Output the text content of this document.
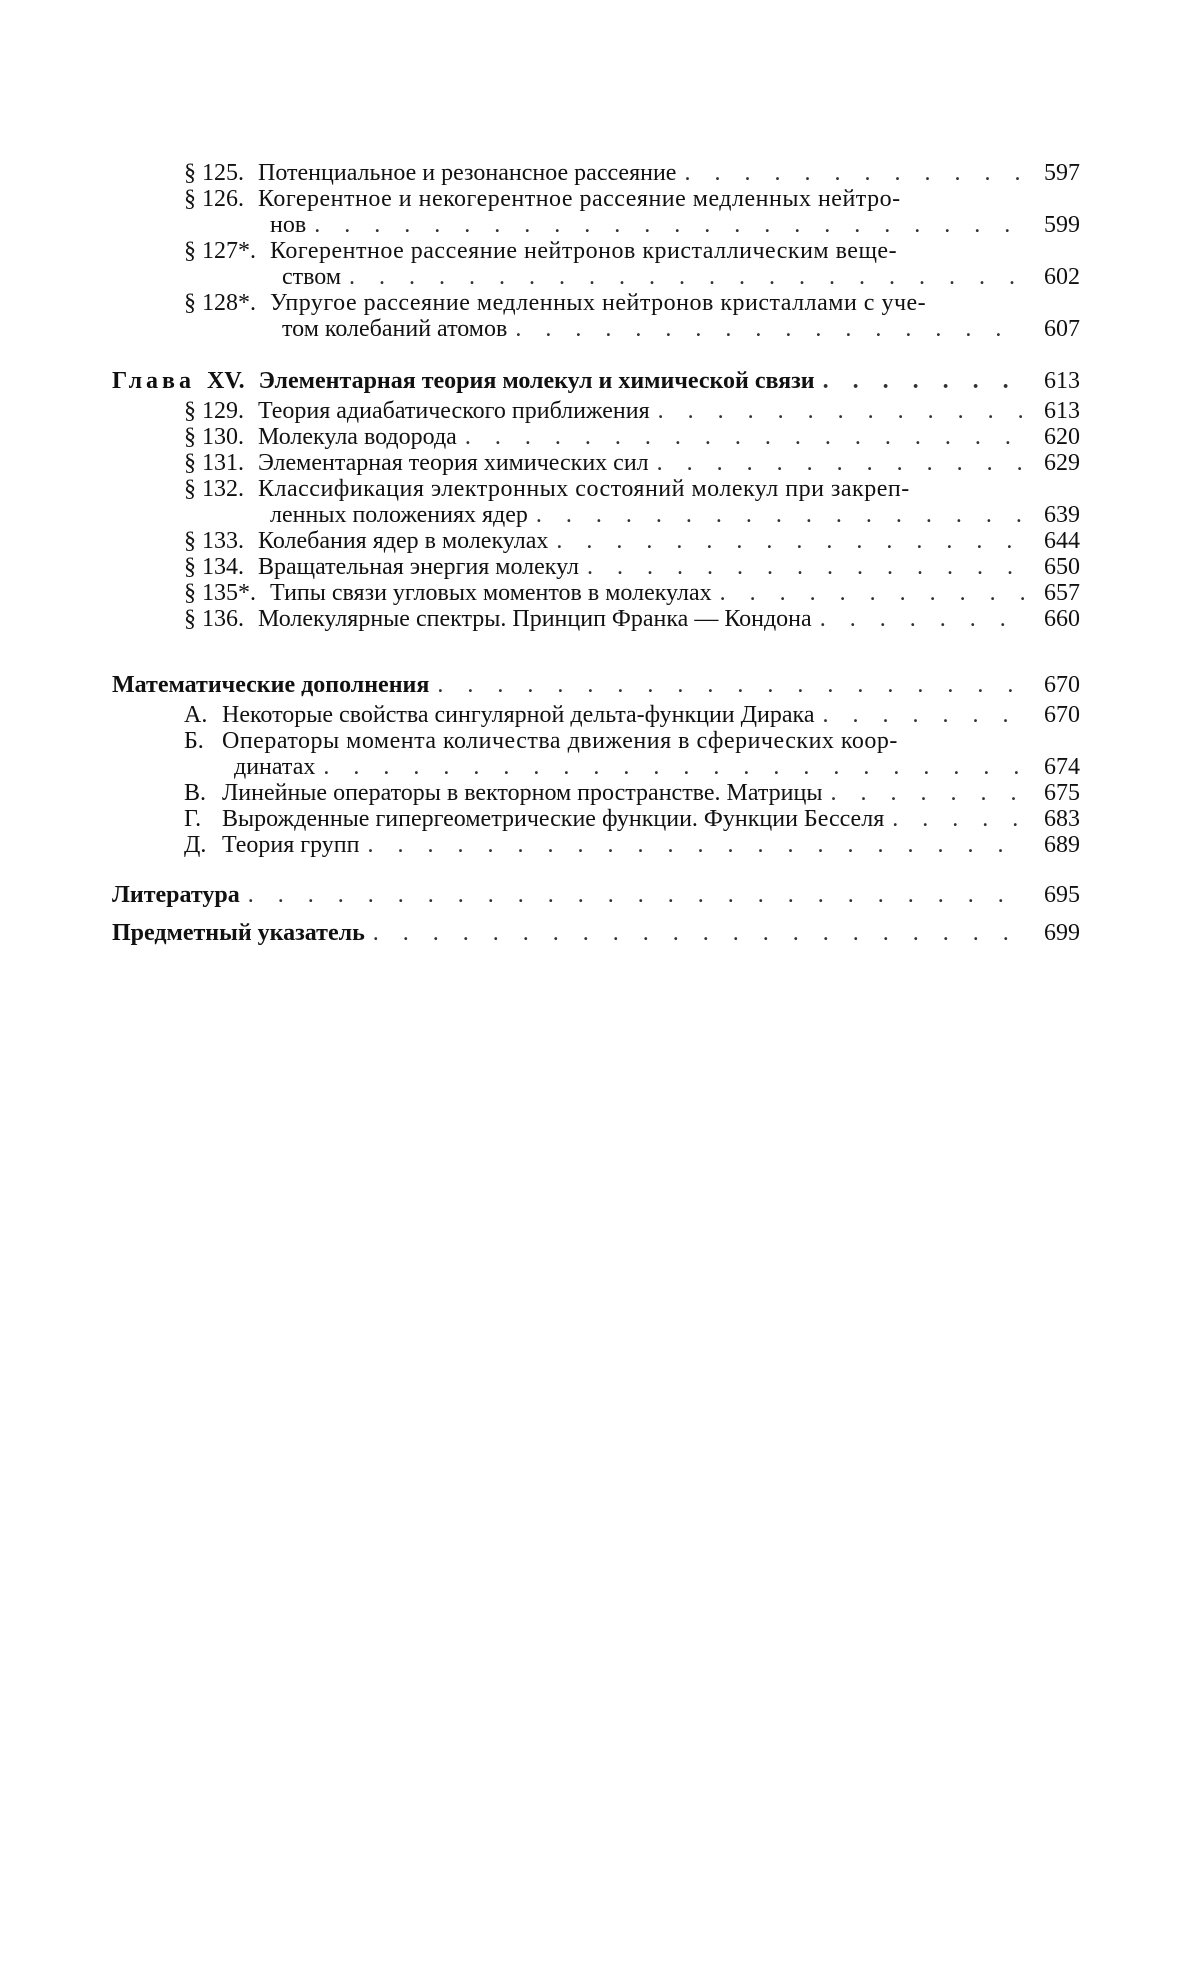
§ 125. Потенциальное и резонансное рассеяние . . .	597
§ 126. Когерентное и некогерентное рассеяние медленных нейтро-
нов . . .	599
§ 127*. Когерентное рассеяние нейтронов кристаллическим веще-
ством . . .	602
§ 128*. Упругое рассеяние медленных нейтронов кристаллами с уче-
том колебаний атомов . . .	607
Глава XV. Элементарная теория молекул и химической связи . . .	613
§ 129. Теория адиабатического приближения . . .	613
§ 130. Молекула водорода . . .	620
§ 131. Элементарная теория химических сил . . .	629
§ 132. Классификация электронных состояний молекул при закреп-
ленных положениях ядер . . .	639
§ 133. Колебания ядер в молекулах . . .	644
§ 134. Вращательная энергия молекул . . .	650
§ 135*. Типы связи угловых моментов в молекулах . . .	657
§ 136. Молекулярные спектры. Принцип Франка — Кондона . . .	660
Математические дополнения . . .	670
А. Некоторые свойства сингулярной дельта-функции Дирака . . .	670
Б. Операторы момента количества движения в сферических коор-
динатах . . .	674
В. Линейные операторы в векторном пространстве. Матрицы . . .	675
Г. Вырожденные гипергеометрические функции. Функции Бесселя . . .	683
Д. Теория групп . . .	689
Литература . . .	695
Предметный указатель . . .	699
